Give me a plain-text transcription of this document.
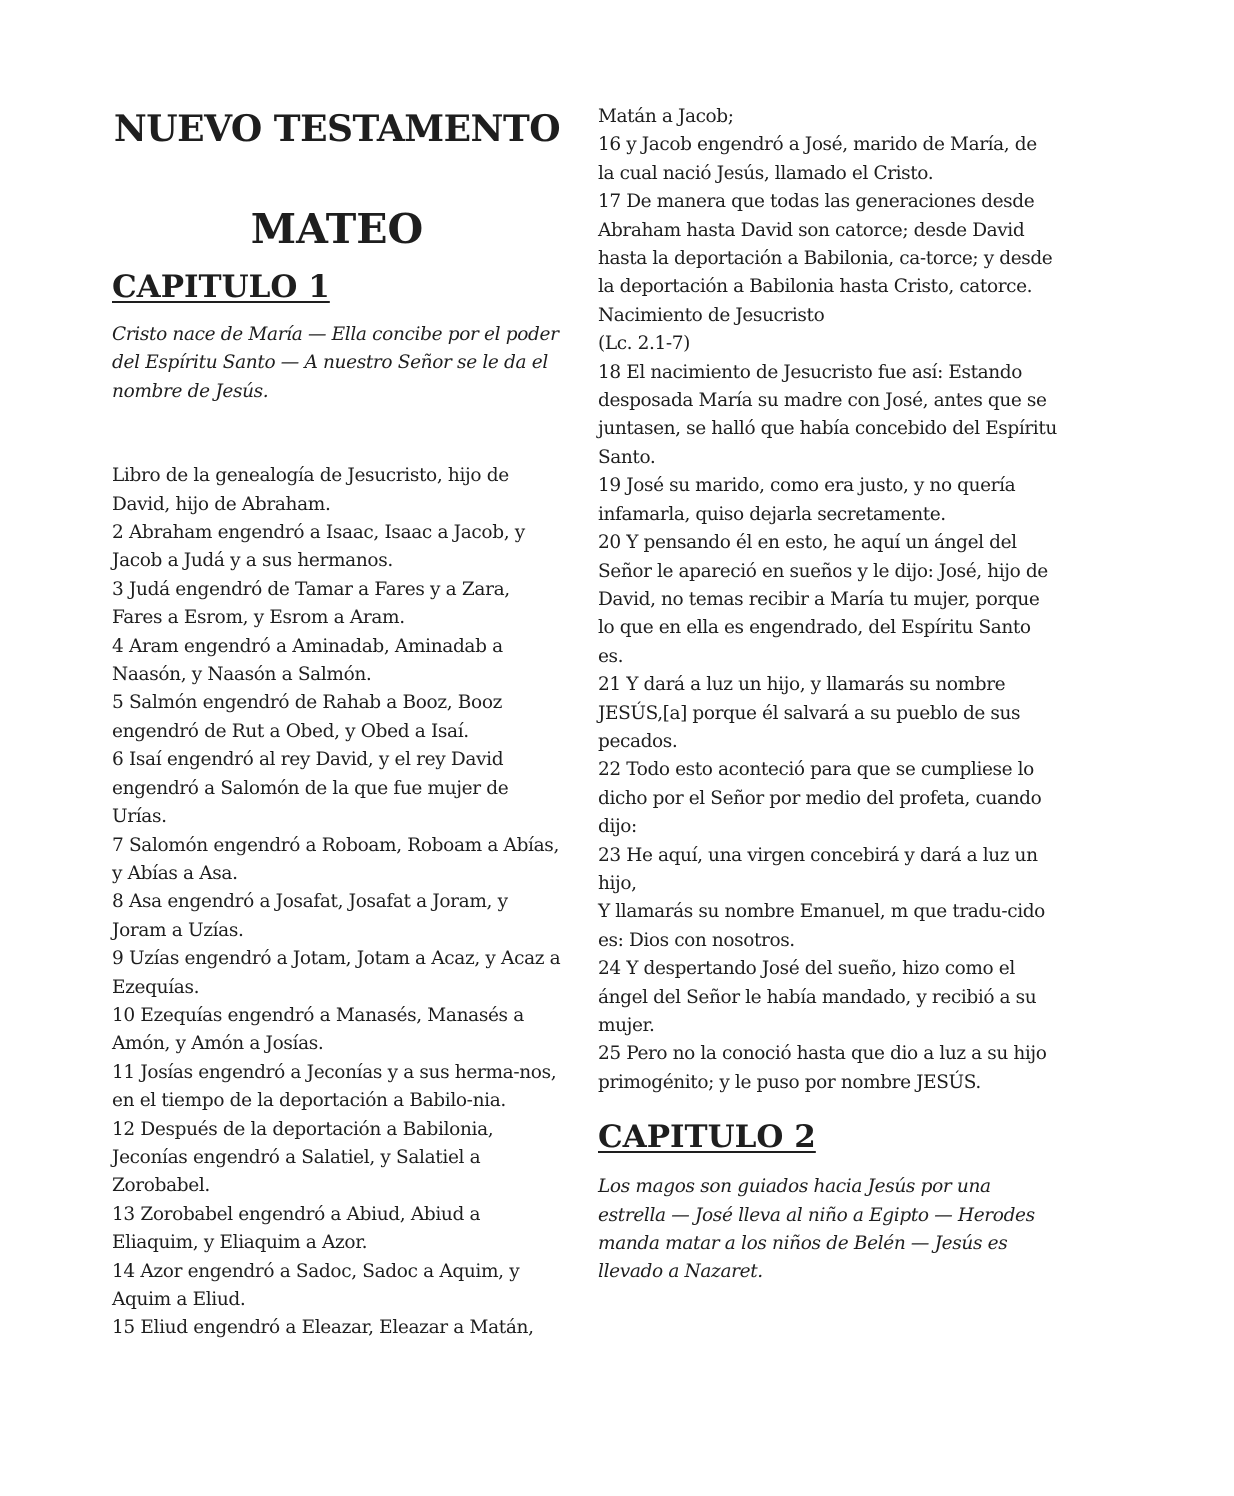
NUEVO TESTAMENTO
MATEO
CAPITULO 1

Cristo nace de María — Ella concibe por el poder del Espíritu Santo — A nuestro Señor se le da el nombre de Jesús.

Libro de la genealogía de Jesucristo, hijo de David, hijo de Abraham.

2 Abraham engendró a Isaac, Isaac a Jacob, y Jacob a Judá y a sus hermanos.

3 Judá engendró de Tamar a Fares y a Zara, Fares a Esrom, y Esrom a Aram.

4 Aram engendró a Aminadab, Aminadab a Naasón, y Naasón a Salmón.

5 Salmón engendró de Rahab a Booz, Booz engendró de Rut a Obed, y Obed a Isaí.

6 Isaí engendró al rey David, y el rey David engendró a Salomón de la que fue mujer de Urías.

7 Salomón engendró a Roboam, Roboam a Abías, y Abías a Asa.

8 Asa engendró a Josafat, Josafat a Joram, y Joram a Uzías.

9 Uzías engendró a Jotam, Jotam a Acaz, y Acaz a Ezequías.

10 Ezequías engendró a Manasés, Manasés a Amón, y Amón a Josías.

11 Josías engendró a Jeconías y a sus herma-nos, en el tiempo de la deportación a Babilo-nia.

12 Después de la deportación a Babilonia, Jeconías engendró a Salatiel, y Salatiel a Zorobabel.

13 Zorobabel engendró a Abiud, Abiud a Eliaquim, y Eliaquim a Azor.

14 Azor engendró a Sadoc, Sadoc a Aquim, y Aquim a Eliud.

15 Eliud engendró a Eleazar, Eleazar a Matán,

Matán a Jacob;

16 y Jacob engendró a José, marido de María, de la cual nació Jesús, llamado el Cristo.

17 De manera que todas las generaciones desde Abraham hasta David son catorce; desde David hasta la deportación a Babilonia, ca-torce; y desde la deportación a Babilonia hasta Cristo, catorce.

Nacimiento de Jesucristo

(Lc. 2.1-7)

18 El nacimiento de Jesucristo fue así: Estando desposada María su madre con José, antes que se juntasen, se halló que había concebido del Espíritu Santo.

19 José su marido, como era justo, y no quería infamarla, quiso dejarla secretamente.

20 Y pensando él en esto, he aquí un ángel del Señor le apareció en sueños y le dijo: José, hijo de David, no temas recibir a María tu mujer, porque lo que en ella es engendrado, del Espíritu Santo es.

21 Y dará a luz un hijo, y llamarás su nombre JESÚS,[a] porque él salvará a su pueblo de sus pecados.

22 Todo esto aconteció para que se cumpliese lo dicho por el Señor por medio del profeta, cuando dijo:

23 He aquí, una virgen concebirá y dará a luz un hijo,

Y llamarás su nombre Emanuel, m que tradu-cido es: Dios con nosotros.

24 Y despertando José del sueño, hizo como el ángel del Señor le había mandado, y recibió a su mujer.

25 Pero no la conoció hasta que dio a luz a su hijo primogénito; y le puso por nombre JESÚS.

CAPITULO 2

Los magos son guiados hacia Jesús por una estrella — José lleva al niño a Egipto — Herodes manda matar a los niños de Belén — Jesús es llevado a Nazaret.
